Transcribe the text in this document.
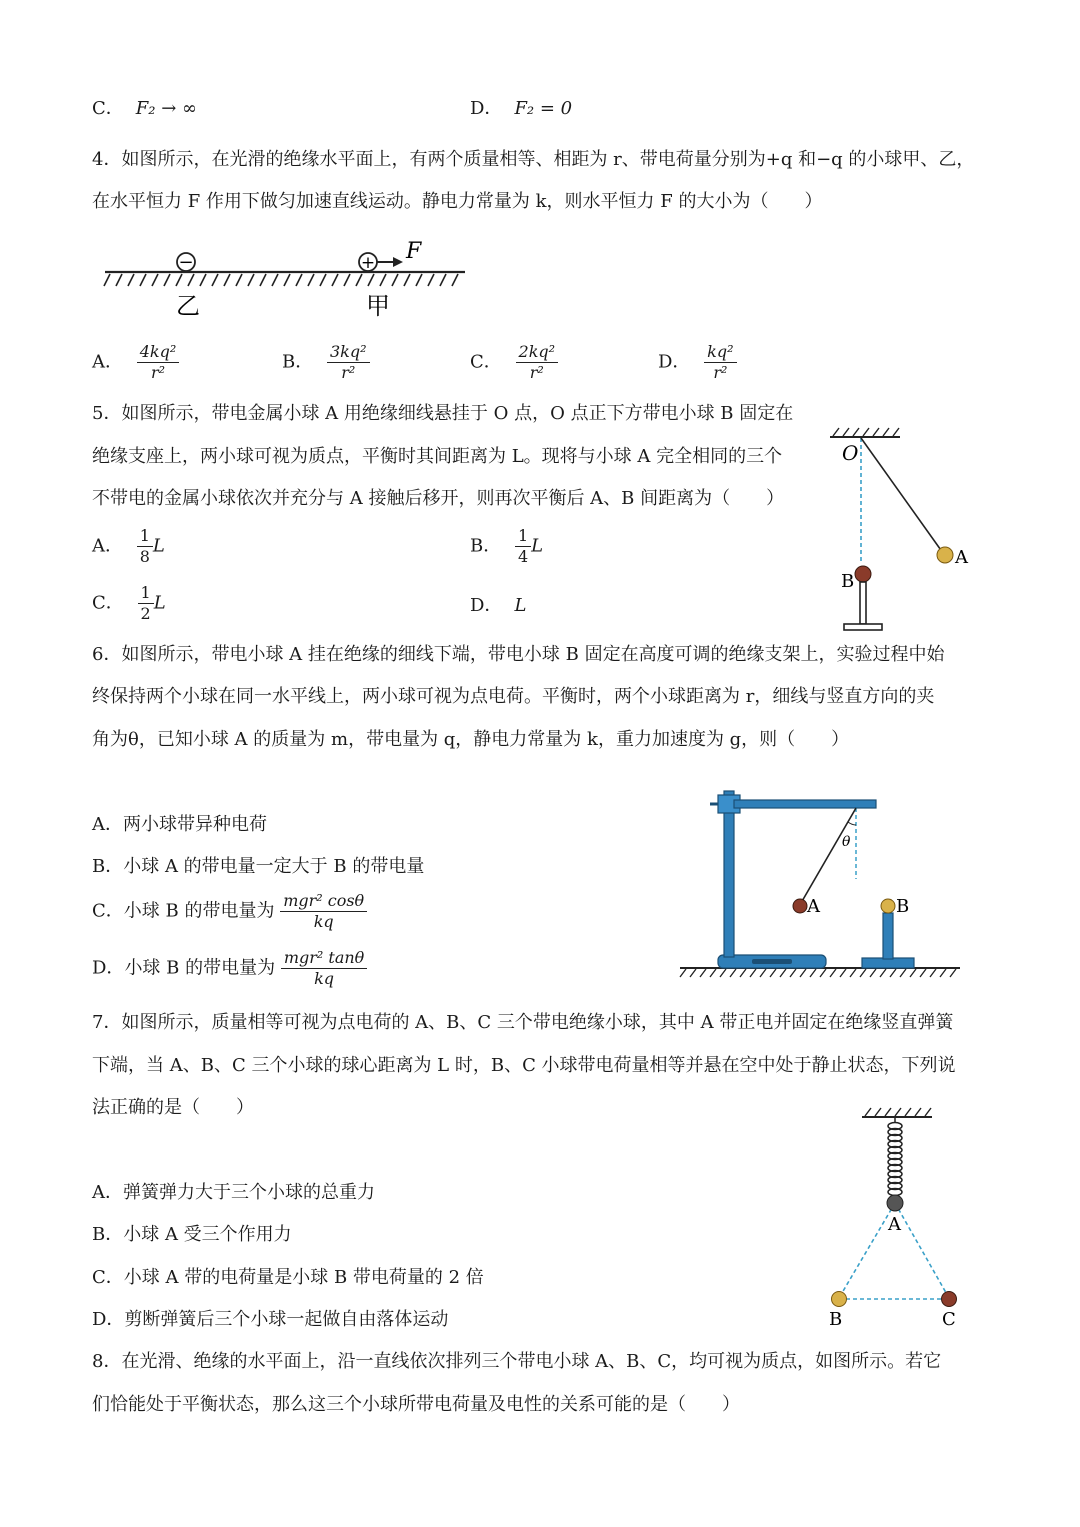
C． F₂ → ∞	D． F₂ = 0
4．如图所示，在光滑的绝缘水平面上，有两个质量相等、相距为 r、带电荷量分别为+q 和−q 的小球甲、乙，
在水平恒力 F 作用下做匀加速直线运动。静电力常量为 k，则水平恒力 F 的大小为（　　）
−	+ F
乙	甲
A． $\frac{\text{4kq²}}{\text{r²}}$	B． $\frac{\text{3kq²}}{\text{r²}}$	C． $\frac{\text{2kq²}}{\text{r²}}$	D． $\frac{\text{kq²}}{\text{r²}}$
5．如图所示，带电金属小球 A 用绝缘细线悬挂于 O 点，O 点正下方带电小球 B 固定在
绝缘支座上，两小球可视为质点，平衡时其间距离为 L。现将与小球 A 完全相同的三个
不带电的金属小球依次并充分与 A 接触后移开，则再次平衡后 A、B 间距离为（　　）
A． $\frac{1}{8}$ L	B． $\frac{1}{4}$ L
C． $\frac{1}{2}$ L	D． L
O
A
B
6．如图所示，带电小球 A 挂在绝缘的细线下端，带电小球 B 固定在高度可调的绝缘支架上，实验过程中始
终保持两个小球在同一水平线上，两小球可视为点电荷。平衡时，两个小球距离为 r，细线与竖直方向的夹
角为θ，已知小球 A 的质量为 m，带电量为 q，静电力常量为 k，重力加速度为 g，则（　　）
A．两小球带异种电荷
B．小球 A 的带电量一定大于 B 的带电量
C．小球 B 的带电量为 $\frac{\text{mgr² cosθ}}{kq}$
D．小球 B 的带电量为 $\frac{\text{mgr² tanθ}}{kq}$
θ
A	B
7．如图所示，质量相等可视为点电荷的 A、B、C 三个带电绝缘小球，其中 A 带正电并固定在绝缘竖直弹簧
下端，当 A、B、C 三个小球的球心距离为 L 时，B、C 小球带电荷量相等并悬在空中处于静止状态，下列说
法正确的是（　　）
A．弹簧弹力大于三个小球的总重力
B．小球 A 受三个作用力
C．小球 A 带的电荷量是小球 B 带电荷量的 2 倍
D．剪断弹簧后三个小球一起做自由落体运动
A
B	C
8．在光滑、绝缘的水平面上，沿一直线依次排列三个带电小球 A、B、C，均可视为质点，如图所示。若它
们恰能处于平衡状态，那么这三个小球所带电荷量及电性的关系可能的是（　　）
